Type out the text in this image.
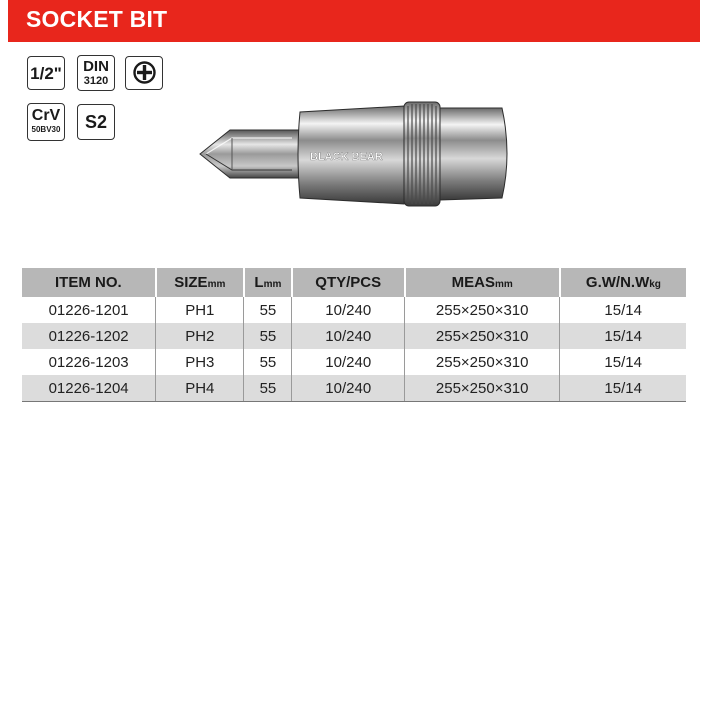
SOCKET BIT
1/2"	DIN
3120
CrV
50BV30	S2
BLACK BEAR
ITEM NO.	SIZEmm	Lmm	QTY/PCS	MEASmm	G.W/N.Wkg
01226-1201	PH1	55	10/240	255×250×310	15/14
01226-1202	PH2	55	10/240	255×250×310	15/14
01226-1203	PH3	55	10/240	255×250×310	15/14
01226-1204	PH4	55	10/240	255×250×310	15/14
